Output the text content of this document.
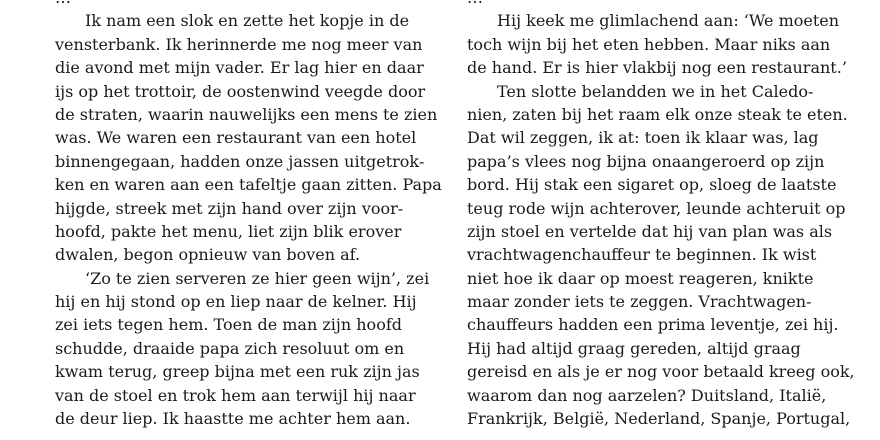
Ik nam een slok en zette het kopje in de
vensterbank. Ik herinnerde me nog meer van
die avond met mijn vader. Er lag hier en daar
ijs op het trottoir, de oostenwind veegde door
de straten, waarin nauwelijks een mens te zien
was. We waren een restaurant van een hotel
binnengegaan, hadden onze jassen uitgetrok-
ken en waren aan een tafeltje gaan zitten. Papa
hijgde, streek met zijn hand over zijn voor-
hoofd, pakte het menu, liet zijn blik erover
dwalen, begon opnieuw van boven af.
‘Zo te zien serveren ze hier geen wijn’, zei
hij en hij stond op en liep naar de kelner. Hij
zei iets tegen hem. Toen de man zijn hoofd
schudde, draaide papa zich resoluut om en
kwam terug, greep bijna met een ruk zijn jas
van de stoel en trok hem aan terwijl hij naar
de deur liep. Ik haastte me achter hem aan.
Hij keek me glimlachend aan: ‘We moeten
toch wijn bij het eten hebben. Maar niks aan
de hand. Er is hier vlakbij nog een restaurant.’
Ten slotte belandden we in het Caledo-
nien, zaten bij het raam elk onze steak te eten.
Dat wil zeggen, ik at: toen ik klaar was, lag
papa’s vlees nog bijna onaangeroerd op zijn
bord. Hij stak een sigaret op, sloeg de laatste
teug rode wijn achterover, leunde achteruit op
zijn stoel en vertelde dat hij van plan was als
vrachtwagenchauffeur te beginnen. Ik wist
niet hoe ik daar op moest reageren, knikte
maar zonder iets te zeggen. Vrachtwagen-
chauffeurs hadden een prima leventje, zei hij.
Hij had altijd graag gereden, altijd graag
gereisd en als je er nog voor betaald kreeg ook,
waarom dan nog aarzelen? Duitsland, Italië,
Frankrijk, België, Nederland, Spanje, Portugal,
